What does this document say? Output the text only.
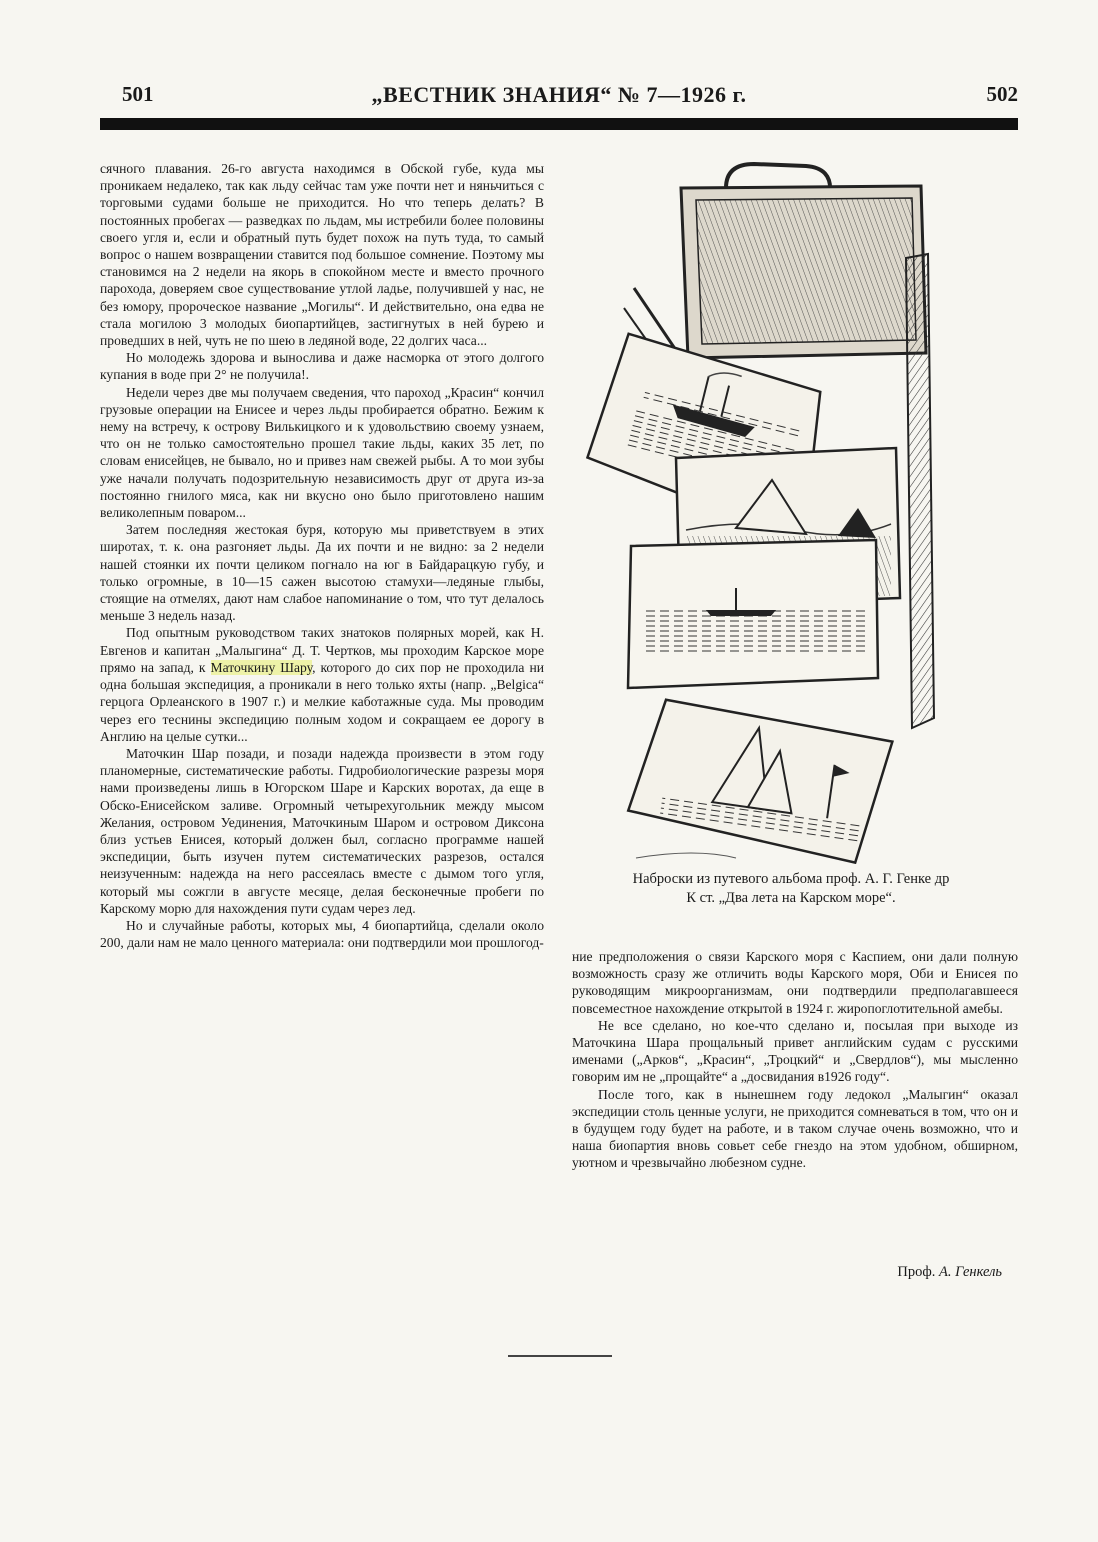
501	„ВЕСТНИК ЗНАНИЯ“ № 7—1926 г.	502

сячного плавания. 26-го августа находимся в Обской губе, куда мы проникаем недалеко, так как льду сейчас там уже почти нет и няньчиться с торговыми судами больше не приходится. Но что теперь делать? В постоянных пробегах — разведках по льдам, мы истребили более половины своего угля и, если и обратный путь будет похож на путь туда, то самый вопрос о нашем возвращении ставится под большое сомнение. Поэтому мы становимся на 2 недели на якорь в спокойном месте и вместо прочного парохода, доверяем свое существование утлой ладье, получившей у нас, не без юмору, пророческое название „Могилы“. И действительно, она едва не стала могилою 3 молодых биопартийцев, застигнутых в ней бурею и проведших в ней, чуть не по шею в ледяной воде, 22 долгих часа...

Но молодежь здорова и вынослива и даже насморка от этого долгого купания в воде при 2° не получила!.

Недели через две мы получаем сведения, что пароход „Красин“ кончил грузовые операции на Енисее и через льды пробирается обратно. Бежим к нему на встречу, к острову Вилькицкого и к удовольствию своему узнаем, что он не только самостоятельно прошел такие льды, каких 35 лет, по словам енисейцев, не бывало, но и привез нам свежей рыбы. А то мои зубы уже начали получать подозрительную независимость друг от друга из-за постоянно гнилого мяса, как ни вкусно оно было приготовлено нашим великолепным поваром...

Затем последняя жестокая буря, которую мы приветствуем в этих широтах, т. к. она разгоняет льды. Да их почти и не видно: за 2 недели нашей стоянки их почти целиком погнало на юг в Байдарацкую губу, и только огромные, в 10—15 сажен высотою стамухи—ледяные глыбы, стоящие на отмелях, дают нам слабое напоминание о том, что тут делалось меньше 3 недель назад.

Под опытным руководством таких знатоков полярных морей, как Н. Евгенов и капитан „Малыгина“ Д. Т. Чертков, мы проходим Карское море прямо на запад, к Маточкину Шару, которого до сих пор не проходила ни одна большая экспедиция, а проникали в него только яхты (напр. „Belgica“ герцога Орлеанского в 1907 г.) и мелкие каботажные суда. Мы проводим через его теснины экспедицию полным ходом и сокращаем ее дорогу в Англию на целые сутки...

Маточкин Шар позади, и позади надежда произвести в этом году планомерные, систематические работы. Гидробиологические разрезы моря нами произведены лишь в Югорском Шаре и Карских воротах, да еще в Обско-Енисейском заливе. Огромный четырехугольник между мысом Желания, островом Уединения, Маточкиным Шаром и островом Диксона близ устьев Енисея, который должен был, согласно программе нашей экспедиции, быть изучен путем систематических разрезов, остался неизученным: надежда на него рассеялась вместе с дымом того угля, который мы сожгли в августе месяце, делая бесконечные пробеги по Карскому морю для нахождения пути судам через лед.

Но и случайные работы, которых мы, 4 биопартийца, сделали около 200, дали нам не мало ценного материала: они подтвердили мои прошлогод-

Наброски из путевого альбома проф. А. Г. Генке др
К ст. „Два лета на Карском море“.

ние предположения о связи Карского моря с Каспием, они дали полную возможность сразу же отличить воды Карского моря, Оби и Енисея по руководящим микроорганизмам, они подтвердили предполагавшееся повсеместное нахождение открытой в 1924 г. жиропоглотительной амебы.

Не все сделано, но кое-что сделано и, посылая при выходе из Маточкина Шара прощальный привет английским судам с русскими именами („Арков“, „Красин“, „Троцкий“ и „Свердлов“), мы мысленно говорим им не „прощайте“ а „досвидания в1926 году“.

После того, как в нынешнем году ледокол „Малыгин“ оказал экспедиции столь ценные услуги, не приходится сомневаться в том, что он и в будущем году будет на работе, и в таком случае очень возможно, что и наша биопартия вновь совьет себе гнездо на этом удобном, обширном, уютном и чрезвычайно любезном судне.

Проф. А. Генкель
